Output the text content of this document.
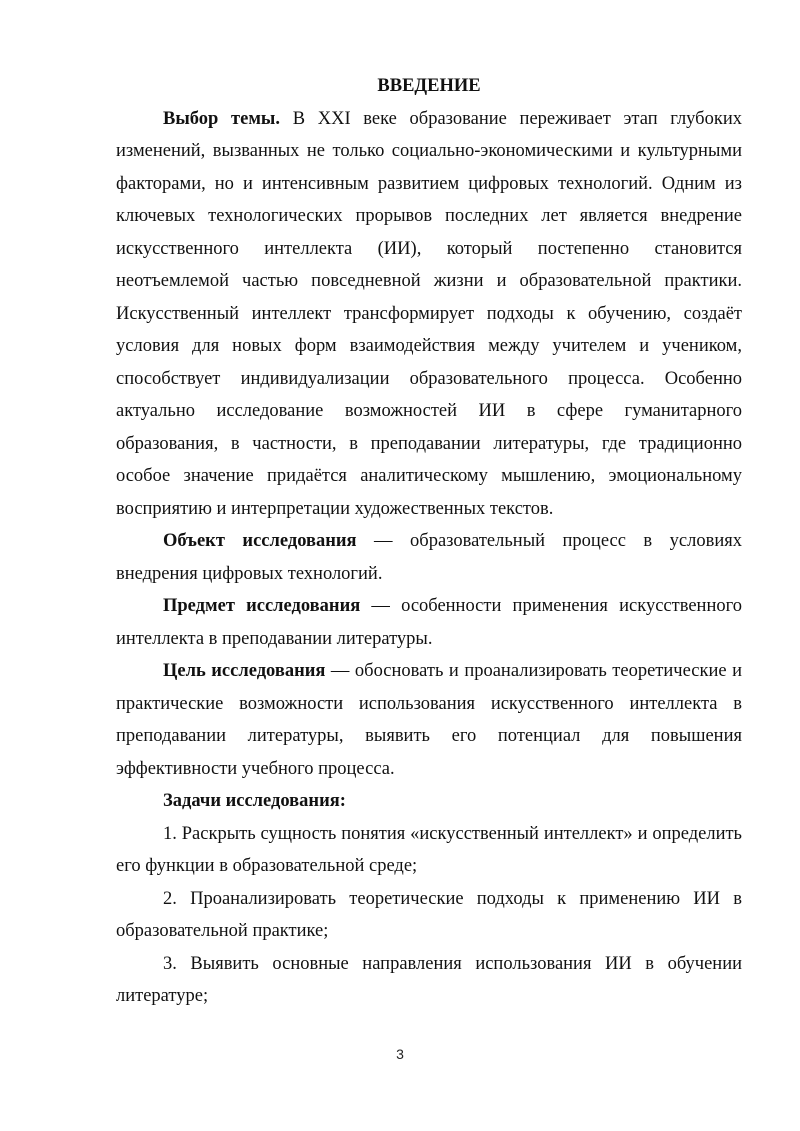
ВВЕДЕНИЕ

Выбор темы. В XXI веке образование переживает этап глубоких изменений, вызванных не только социально-экономическими и культурными факторами, но и интенсивным развитием цифровых технологий. Одним из ключевых технологических прорывов последних лет является внедрение искусственного интеллекта (ИИ), который постепенно становится неотъемлемой частью повседневной жизни и образовательной практики. Искусственный интеллект трансформирует подходы к обучению, создаёт условия для новых форм взаимодействия между учителем и учеником, способствует индивидуализации образовательного процесса. Особенно актуально исследование возможностей ИИ в сфере гуманитарного образования, в частности, в преподавании литературы, где традиционно особое значение придаётся аналитическому мышлению, эмоциональному восприятию и интерпретации художественных текстов.

Объект исследования — образовательный процесс в условиях внедрения цифровых технологий.

Предмет исследования — особенности применения искусственного интеллекта в преподавании литературы.

Цель исследования — обосновать и проанализировать теоретические и практические возможности использования искусственного интеллекта в преподавании литературы, выявить его потенциал для повышения эффективности учебного процесса.

Задачи исследования:

1. Раскрыть сущность понятия «искусственный интеллект» и определить его функции в образовательной среде;

2. Проанализировать теоретические подходы к применению ИИ в образовательной практике;

3. Выявить основные направления использования ИИ в обучении литературе;

3
